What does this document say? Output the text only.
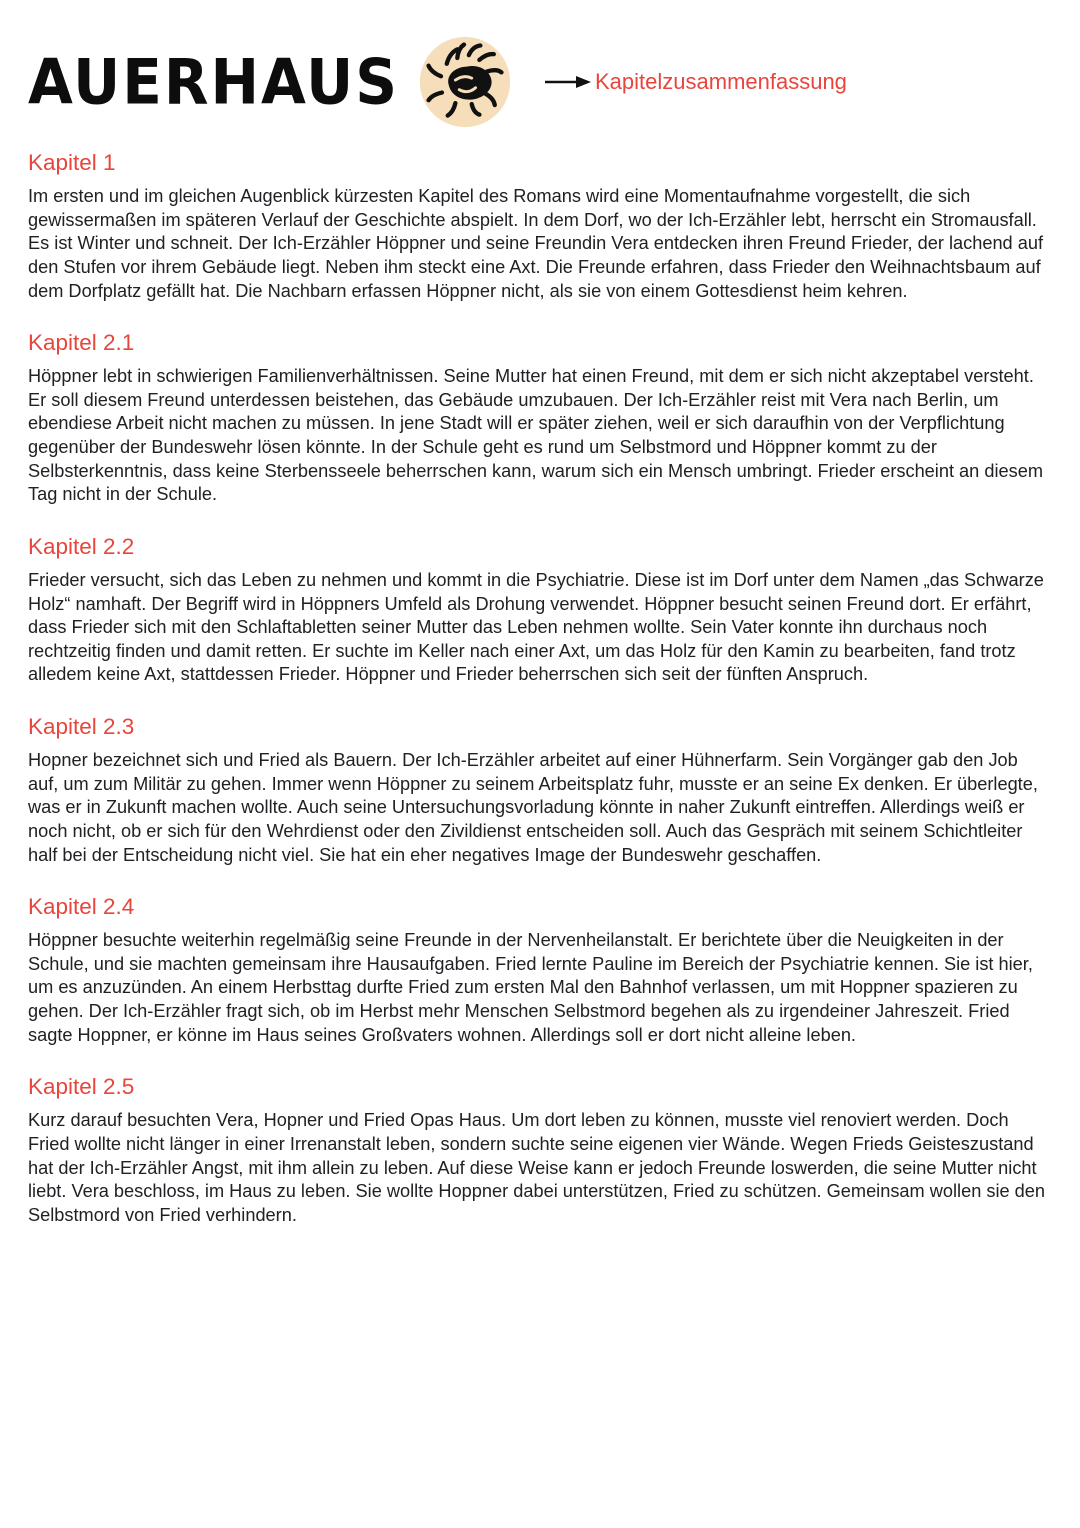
AUERHAUS	Kapitelzusammenfassung
Kapitel 1

Im ersten und im gleichen Augenblick kürzesten Kapitel des Romans wird eine Momentaufnahme vorgestellt, die sich gewissermaßen im späteren Verlauf der Geschichte abspielt. In dem Dorf, wo der Ich-Erzähler lebt, herrscht ein Stromausfall. Es ist Winter und schneit. Der Ich-Erzähler Höppner und seine Freundin Vera entdecken ihren Freund Frieder, der lachend auf den Stufen vor ihrem Gebäude liegt. Neben ihm steckt eine Axt. Die Freunde erfahren, dass Frieder den Weihnachtsbaum auf dem Dorfplatz gefällt hat. Die Nachbarn erfassen Höppner nicht, als sie von einem Gottesdienst heim kehren.

Kapitel 2.1

Höppner lebt in schwierigen Familienverhältnissen. Seine Mutter hat einen Freund, mit dem er sich nicht akzeptabel versteht. Er soll diesem Freund unterdessen beistehen, das Gebäude umzubauen. Der Ich-Erzähler reist mit Vera nach Berlin, um ebendiese Arbeit nicht machen zu müssen. In jene Stadt will er später ziehen, weil er sich daraufhin von der Verpflichtung gegenüber der Bundeswehr lösen könnte. In der Schule geht es rund um Selbstmord und Höppner kommt zu der Selbsterkenntnis, dass keine Sterbensseele beherrschen kann, warum sich ein Mensch umbringt. Frieder erscheint an diesem Tag nicht in der Schule.

Kapitel 2.2

Frieder versucht, sich das Leben zu nehmen und kommt in die Psychiatrie. Diese ist im Dorf unter dem Namen „das Schwarze Holz“ namhaft. Der Begriff wird in Höppners Umfeld als Drohung verwendet. Höppner besucht seinen Freund dort. Er erfährt, dass Frieder sich mit den Schlaftabletten seiner Mutter das Leben nehmen wollte. Sein Vater konnte ihn durchaus noch rechtzeitig finden und damit retten. Er suchte im Keller nach einer Axt, um das Holz für den Kamin zu bearbeiten, fand trotz alledem keine Axt, stattdessen Frieder. Höppner und Frieder beherrschen sich seit der fünften Anspruch.

Kapitel 2.3

Hopner bezeichnet sich und Fried als Bauern. Der Ich-Erzähler arbeitet auf einer Hühnerfarm. Sein Vorgänger gab den Job auf, um zum Militär zu gehen. Immer wenn Höppner zu seinem Arbeitsplatz fuhr, musste er an seine Ex denken. Er überlegte, was er in Zukunft machen wollte. Auch seine Untersuchungsvorladung könnte in naher Zukunft eintreffen. Allerdings weiß er noch nicht, ob er sich für den Wehrdienst oder den Zivildienst entscheiden soll. Auch das Gespräch mit seinem Schichtleiter half bei der Entscheidung nicht viel. Sie hat ein eher negatives Image der Bundeswehr geschaffen.

Kapitel 2.4

Höppner besuchte weiterhin regelmäßig seine Freunde in der Nervenheilanstalt. Er berichtete über die Neuigkeiten in der Schule, und sie machten gemeinsam ihre Hausaufgaben. Fried lernte Pauline im Bereich der Psychiatrie kennen. Sie ist hier, um es anzuzünden. An einem Herbsttag durfte Fried zum ersten Mal den Bahnhof verlassen, um mit Hoppner spazieren zu gehen. Der Ich-Erzähler fragt sich, ob im Herbst mehr Menschen Selbstmord begehen als zu irgendeiner Jahreszeit. Fried sagte Hoppner, er könne im Haus seines Großvaters wohnen. Allerdings soll er dort nicht alleine leben.

Kapitel 2.5

Kurz darauf besuchten Vera, Hopner und Fried Opas Haus. Um dort leben zu können, musste viel renoviert werden. Doch Fried wollte nicht länger in einer Irrenanstalt leben, sondern suchte seine eigenen vier Wände. Wegen Frieds Geisteszustand hat der Ich-Erzähler Angst, mit ihm allein zu leben. Auf diese Weise kann er jedoch Freunde loswerden, die seine Mutter nicht liebt. Vera beschloss, im Haus zu leben. Sie wollte Hoppner dabei unterstützen, Fried zu schützen. Gemeinsam wollen sie den Selbstmord von Fried verhindern.
